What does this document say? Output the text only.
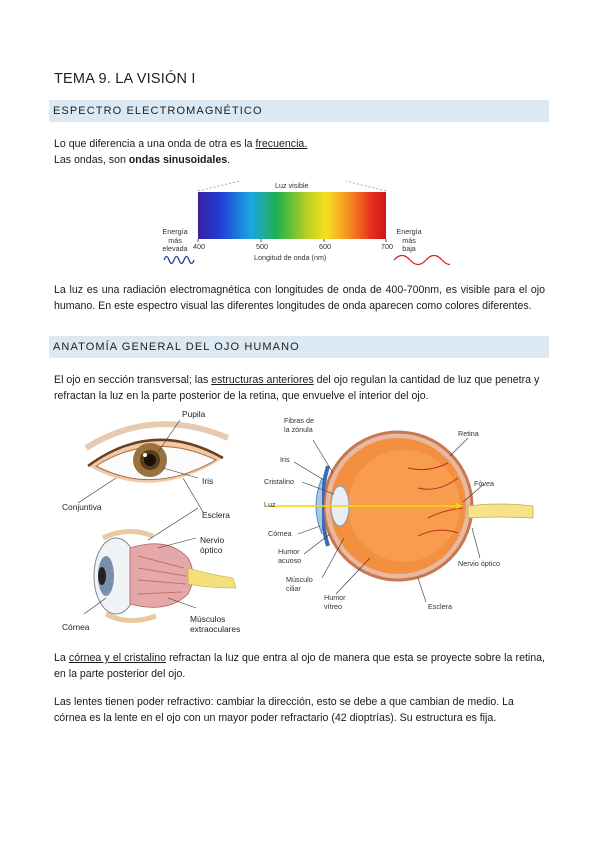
TEMA 9. LA VISIÓN I
ESPECTRO ELECTROMAGNÉTICO

Lo que diferencia a una onda de otra es la frecuencia.
Las ondas, son ondas sinusoidales.

Luz visible
400	500	600	700
Longitud de onda (nm)
Energía
más
elevada
Energía
más
baja

La luz es una radiación electromagnética con longitudes de onda de 400-700nm, es visible para el ojo humano. En este espectro visual las diferentes longitudes de onda aparecen como colores diferentes.

ANATOMÍA GENERAL DEL OJO HUMANO

El ojo en sección transversal; las estructuras anteriores del ojo regulan la cantidad de luz que penetra y refractan la luz en la parte posterior de la retina, que envuelve el interior del ojo.

Pupila
Iris
Conjuntiva
Esclera
Nervio
óptico
Córnea
Músculos
extraoculares
Fibras de
la zónula	Retina
Iris
Cristalino	Fóvea
Luz
Córnea
Humor
acuoso	Nervio óptico
Músculo
ciliar
Humor
vítreo	Esclera

La córnea y el cristalino refractan la luz que entra al ojo de manera que esta se proyecte sobre la retina, en la parte posterior del ojo.

Las lentes tienen poder refractivo: cambiar la dirección, esto se debe a que cambian de medio. La córnea es la lente en el ojo con un mayor poder refractario (42 dioptrías). Su estructura es fija.
